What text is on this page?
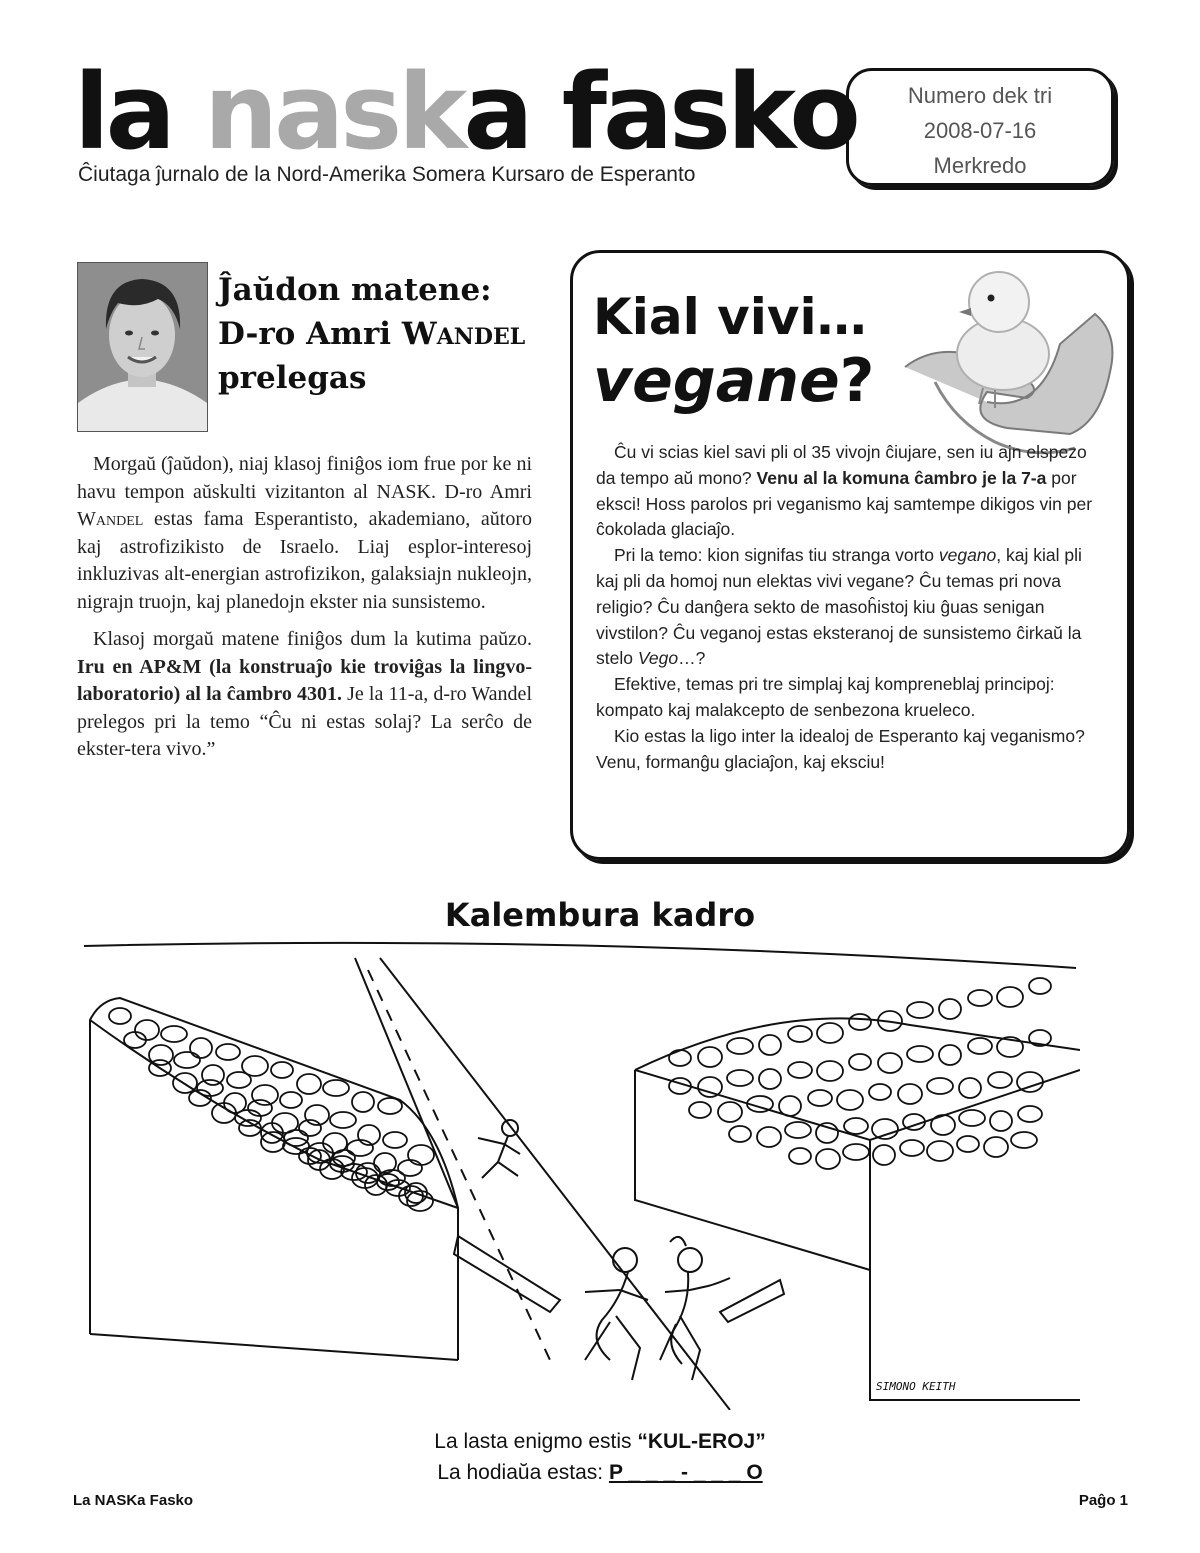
la naska fasko
Ĉiutaga ĵurnalo de la Nord-Amerika Somera Kursaro de Esperanto
Numero dek tri
2008-07-16
Merkredo
Ĵaŭdon matene:
D-ro Amri Wandel
prelegas

Morgaŭ (ĵaŭdon), niaj klasoj finiĝos iom frue por ke ni havu tempon aŭskulti vizitanton al NASK. D-ro Amri Wandel estas fama Esperantisto, akademiano, aŭtoro kaj astrofizikisto de Israelo. Liaj esplor-interesoj inkluzivas alt-energian astrofizikon, galaksiajn nukleojn, nigrajn truojn, kaj planedojn ekster nia sunsistemo.

Klasoj morgaŭ matene finiĝos dum la kutima paŭzo. Iru en AP&M (la konstruaĵo kie troviĝas la lingvo-laboratorio) al la ĉambro 4301. Je la 11-a, d-ro Wandel prelegos pri la temo “Ĉu ni estas solaj? La serĉo de ekster-tera vivo.”

Kial vivi…
vegane?

Ĉu vi scias kiel savi pli ol 35 vivojn ĉiujare, sen iu ajn elspezo da tempo aŭ mono? Venu al la komuna ĉambro je la 7-a por eksci! Hoss parolos pri veganismo kaj samtempe dikigos vin per ĉokolada glaciaĵo.

Pri la temo: kion signifas tiu stranga vorto vegano, kaj kial pli kaj pli da homoj nun elektas vivi vegane? Ĉu temas pri nova religio? Ĉu danĝera sekto de masoĥistoj kiu ĝuas senigan vivstilon? Ĉu veganoj estas eksteranoj de sunsistemo ĉirkaŭ la stelo Vego…?

Efektive, temas pri tre simplaj kaj kompreneblaj principoj: kompato kaj malakcepto de senbezona krueleco.

Kio estas la ligo inter la idealoj de Esperanto kaj veganismo? Venu, formanĝu glaciaĵon, kaj eksciu!

Kalembura kadro
SIMONO KEITH
La lasta enigmo estis “KUL-EROJ”
La hodiaŭa estas: P _ _ _ - _ _ _ O
La NASKa Fasko	Paĝo 1
